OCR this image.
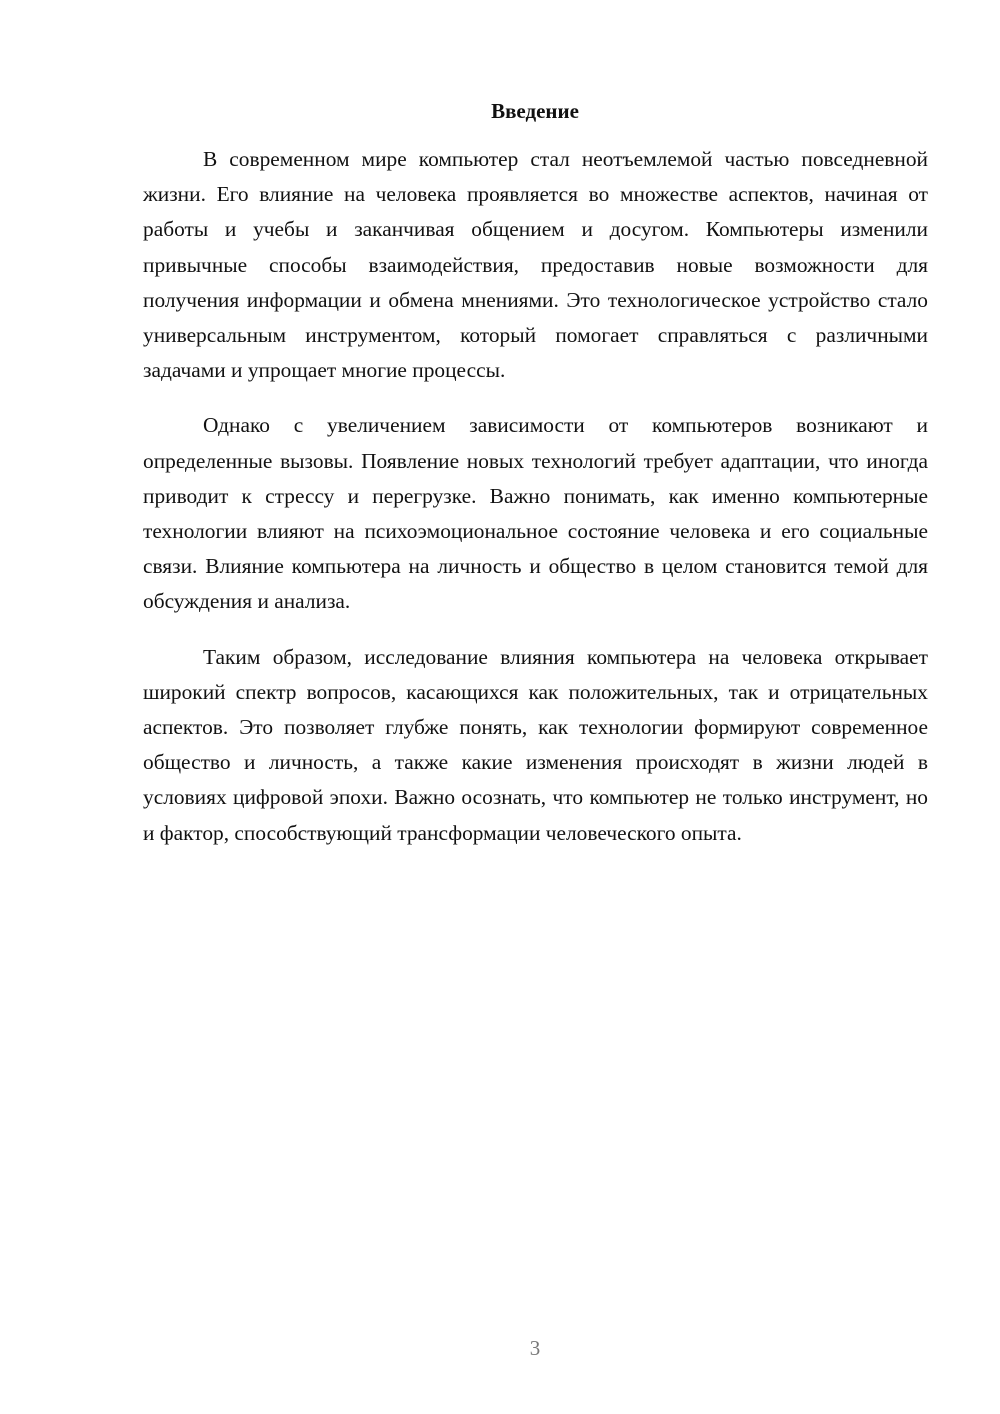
Введение

В современном мире компьютер стал неотъемлемой частью повседневной жизни. Его влияние на человека проявляется во множестве аспектов, начиная от работы и учебы и заканчивая общением и досугом. Компьютеры изменили привычные способы взаимодействия, предоставив новые возможности для получения информации и обмена мнениями. Это технологическое устройство стало универсальным инструментом, который помогает справляться с различными задачами и упрощает многие процессы.

Однако с увеличением зависимости от компьютеров возникают и определенные вызовы. Появление новых технологий требует адаптации, что иногда приводит к стрессу и перегрузке. Важно понимать, как именно компьютерные технологии влияют на психоэмоциональное состояние человека и его социальные связи. Влияние компьютера на личность и общество в целом становится темой для обсуждения и анализа.

Таким образом, исследование влияния компьютера на человека открывает широкий спектр вопросов, касающихся как положительных, так и отрицательных аспектов. Это позволяет глубже понять, как технологии формируют современное общество и личность, а также какие изменения происходят в жизни людей в условиях цифровой эпохи. Важно осознать, что компьютер не только инструмент, но и фактор, способствующий трансформации человеческого опыта.

3
